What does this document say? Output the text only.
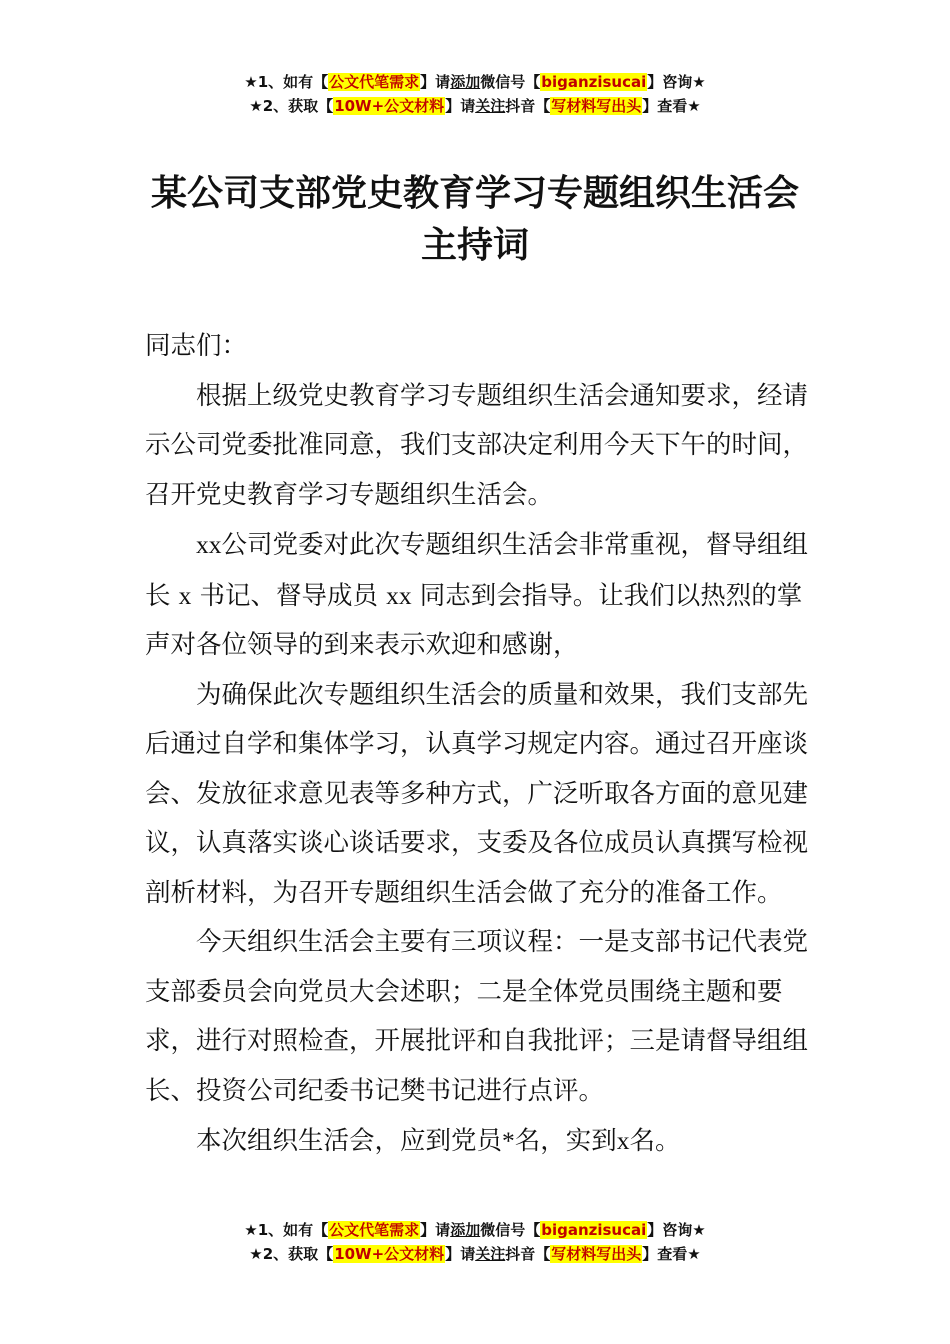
★1、如有【公文代笔需求】请添加微信号【biganzisucai】咨询★
★2、获取【10W+公文材料】请关注抖音【写材料写出头】查看★
某公司支部党史教育学习专题组织生活会
主持词

同志们：

根据上级党史教育学习专题组织生活会通知要求，经请示公司党委批准同意，我们支部决定利用今天下午的时间，召开党史教育学习专题组织生活会。

xx公司党委对此次专题组织生活会非常重视，督导组组长 x 书记、督导成员 xx 同志到会指导。让我们以热烈的掌声对各位领导的到来表示欢迎和感谢，

为确保此次专题组织生活会的质量和效果，我们支部先后通过自学和集体学习，认真学习规定内容。通过召开座谈会、发放征求意见表等多种方式，广泛听取各方面的意见建议，认真落实谈心谈话要求，支委及各位成员认真撰写检视剖析材料，为召开专题组织生活会做了充分的准备工作。

今天组织生活会主要有三项议程：一是支部书记代表党支部委员会向党员大会述职；二是全体党员围绕主题和要求，进行对照检查，开展批评和自我批评；三是请督导组组长、投资公司纪委书记樊书记进行点评。

本次组织生活会，应到党员*名，实到x名。

★1、如有【公文代笔需求】请添加微信号【biganzisucai】咨询★
★2、获取【10W+公文材料】请关注抖音【写材料写出头】查看★
